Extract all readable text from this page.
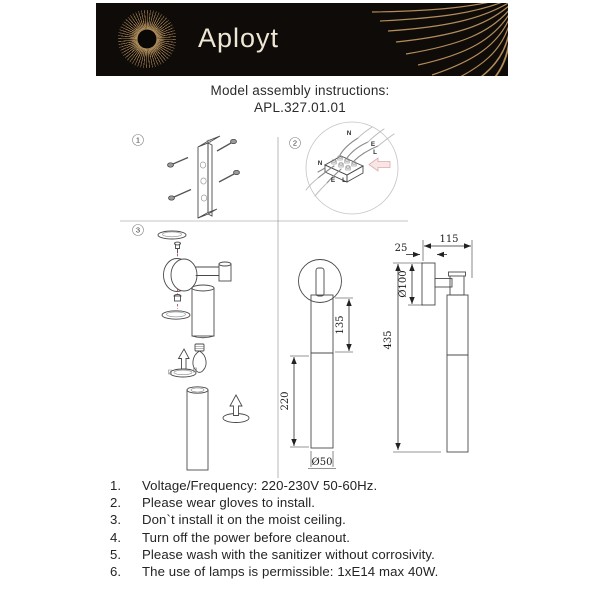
Aployt
Model assembly instructions:
APL.327.01.01
1	2
N
E
L
N
E L
3
135
220
Ø50
115
25
Ø100
435
1.	Voltage/Frequency: 220-230V 50-60Hz.
2.	Please wear gloves to install.
3.	Don`t install it on the moist ceiling.
4.	Turn off the power before cleanout.
5.	Please wash with the sanitizer without corrosivity.
6.	The use of lamps is permissible: 1xE14 max 40W.
